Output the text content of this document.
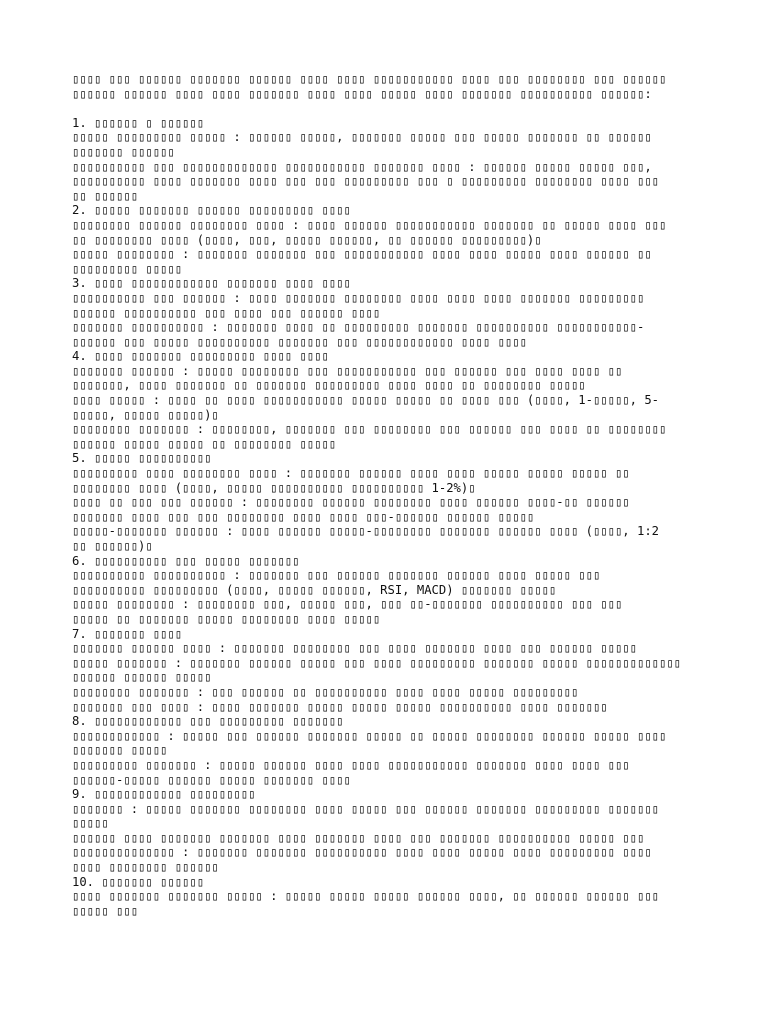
▯▯▯▯ ▯▯▯ ▯▯▯▯▯▯ ▯▯▯▯▯▯▯ ▯▯▯▯▯▯ ▯▯▯▯ ▯▯▯▯ ▯▯▯▯▯▯▯▯▯▯▯ ▯▯▯▯ ▯▯▯ ▯▯▯▯▯▯▯▯ ▯▯▯ ▯▯▯▯▯▯
▯▯▯▯▯▯ ▯▯▯▯▯▯ ▯▯▯▯ ▯▯▯▯ ▯▯▯▯▯▯▯ ▯▯▯▯ ▯▯▯▯ ▯▯▯▯▯ ▯▯▯▯ ▯▯▯▯▯▯▯ ▯▯▯▯▯▯▯▯▯▯ ▯▯▯▯▯▯:
1. ▯▯▯▯▯▯ ▯ ▯▯▯▯▯▯
▯▯▯▯▯ ▯▯▯▯▯▯▯▯▯ ▯▯▯▯▯ : ▯▯▯▯▯▯ ▯▯▯▯▯, ▯▯▯▯▯▯▯ ▯▯▯▯▯ ▯▯▯ ▯▯▯▯▯ ▯▯▯▯▯▯▯ ▯▯ ▯▯▯▯▯▯
▯▯▯▯▯▯▯ ▯▯▯▯▯▯
▯▯▯▯▯▯▯▯▯▯ ▯▯▯ ▯▯▯▯▯▯▯▯▯▯▯▯▯ ▯▯▯▯▯▯▯▯▯▯▯ ▯▯▯▯▯▯▯ ▯▯▯▯ : ▯▯▯▯▯▯ ▯▯▯▯▯ ▯▯▯▯▯ ▯▯▯,
▯▯▯▯▯▯▯▯▯▯ ▯▯▯▯ ▯▯▯▯▯▯▯ ▯▯▯▯ ▯▯▯ ▯▯▯ ▯▯▯▯▯▯▯▯▯ ▯▯▯ ▯ ▯▯▯▯▯▯▯▯▯ ▯▯▯▯▯▯▯▯ ▯▯▯▯ ▯▯▯
▯▯ ▯▯▯▯▯▯
2. ▯▯▯▯▯ ▯▯▯▯▯▯▯ ▯▯▯▯▯▯ ▯▯▯▯▯▯▯▯▯ ▯▯▯▯
▯▯▯▯▯▯▯▯ ▯▯▯▯▯▯ ▯▯▯▯▯▯▯▯ ▯▯▯▯ : ▯▯▯▯ ▯▯▯▯▯▯ ▯▯▯▯▯▯▯▯▯▯▯ ▯▯▯▯▯▯▯ ▯▯ ▯▯▯▯▯ ▯▯▯▯ ▯▯▯
▯▯ ▯▯▯▯▯▯▯▯ ▯▯▯▯ (▯▯▯▯, ▯▯▯, ▯▯▯▯▯ ▯▯▯▯▯▯, ▯▯ ▯▯▯▯▯▯ ▯▯▯▯▯▯▯▯▯)▯
▯▯▯▯▯ ▯▯▯▯▯▯▯▯ : ▯▯▯▯▯▯▯ ▯▯▯▯▯▯▯ ▯▯▯ ▯▯▯▯▯▯▯▯▯▯▯ ▯▯▯▯ ▯▯▯▯ ▯▯▯▯▯ ▯▯▯▯ ▯▯▯▯▯▯ ▯▯
▯▯▯▯▯▯▯▯▯ ▯▯▯▯▯
3. ▯▯▯▯ ▯▯▯▯▯▯▯▯▯▯▯▯ ▯▯▯▯▯▯▯ ▯▯▯▯ ▯▯▯▯
▯▯▯▯▯▯▯▯▯▯ ▯▯▯ ▯▯▯▯▯▯ : ▯▯▯▯ ▯▯▯▯▯▯▯ ▯▯▯▯▯▯▯▯ ▯▯▯▯ ▯▯▯▯ ▯▯▯▯ ▯▯▯▯▯▯▯ ▯▯▯▯▯▯▯▯▯
▯▯▯▯▯▯ ▯▯▯▯▯▯▯▯▯▯ ▯▯▯ ▯▯▯▯ ▯▯▯ ▯▯▯▯▯▯ ▯▯▯▯
▯▯▯▯▯▯▯ ▯▯▯▯▯▯▯▯▯▯ : ▯▯▯▯▯▯▯ ▯▯▯▯ ▯▯ ▯▯▯▯▯▯▯▯▯ ▯▯▯▯▯▯▯ ▯▯▯▯▯▯▯▯▯▯ ▯▯▯▯▯▯▯▯▯▯▯-
▯▯▯▯▯▯ ▯▯▯ ▯▯▯▯▯ ▯▯▯▯▯▯▯▯▯▯ ▯▯▯▯▯▯▯ ▯▯▯ ▯▯▯▯▯▯▯▯▯▯▯▯ ▯▯▯▯ ▯▯▯▯
4. ▯▯▯▯ ▯▯▯▯▯▯▯ ▯▯▯▯▯▯▯▯▯ ▯▯▯▯ ▯▯▯▯
▯▯▯▯▯▯▯ ▯▯▯▯▯▯ : ▯▯▯▯▯ ▯▯▯▯▯▯▯▯ ▯▯▯ ▯▯▯▯▯▯▯▯▯▯▯ ▯▯▯ ▯▯▯▯▯▯ ▯▯▯ ▯▯▯▯ ▯▯▯▯ ▯▯
▯▯▯▯▯▯▯, ▯▯▯▯ ▯▯▯▯▯▯▯ ▯▯ ▯▯▯▯▯▯▯ ▯▯▯▯▯▯▯▯▯ ▯▯▯▯ ▯▯▯▯ ▯▯ ▯▯▯▯▯▯▯▯ ▯▯▯▯▯
▯▯▯▯ ▯▯▯▯▯ : ▯▯▯▯ ▯▯ ▯▯▯▯ ▯▯▯▯▯▯▯▯▯▯▯ ▯▯▯▯▯ ▯▯▯▯▯ ▯▯ ▯▯▯▯ ▯▯▯ (▯▯▯▯, 1-▯▯▯▯▯, 5-
▯▯▯▯▯, ▯▯▯▯▯ ▯▯▯▯▯)▯
▯▯▯▯▯▯▯▯ ▯▯▯▯▯▯▯ : ▯▯▯▯▯▯▯▯, ▯▯▯▯▯▯▯ ▯▯▯ ▯▯▯▯▯▯▯▯ ▯▯▯ ▯▯▯▯▯▯ ▯▯▯ ▯▯▯▯ ▯▯ ▯▯▯▯▯▯▯▯
▯▯▯▯▯▯ ▯▯▯▯▯ ▯▯▯▯▯ ▯▯ ▯▯▯▯▯▯▯▯ ▯▯▯▯▯
5. ▯▯▯▯▯ ▯▯▯▯▯▯▯▯▯▯
▯▯▯▯▯▯▯▯▯ ▯▯▯▯ ▯▯▯▯▯▯▯▯ ▯▯▯▯ : ▯▯▯▯▯▯▯ ▯▯▯▯▯▯ ▯▯▯▯ ▯▯▯▯ ▯▯▯▯▯ ▯▯▯▯▯ ▯▯▯▯▯ ▯▯
▯▯▯▯▯▯▯▯ ▯▯▯▯ (▯▯▯▯, ▯▯▯▯▯ ▯▯▯▯▯▯▯▯▯▯ ▯▯▯▯▯▯▯▯▯▯ 1-2%)▯
▯▯▯▯ ▯▯ ▯▯▯ ▯▯▯ ▯▯▯▯▯▯ : ▯▯▯▯▯▯▯▯ ▯▯▯▯▯▯ ▯▯▯▯▯▯▯▯ ▯▯▯▯ ▯▯▯▯▯▯ ▯▯▯▯-▯▯ ▯▯▯▯▯▯
▯▯▯▯▯▯▯ ▯▯▯▯ ▯▯▯ ▯▯▯ ▯▯▯▯▯▯▯▯ ▯▯▯▯ ▯▯▯▯ ▯▯▯-▯▯▯▯▯▯ ▯▯▯▯▯▯ ▯▯▯▯▯
▯▯▯▯▯-▯▯▯▯▯▯▯ ▯▯▯▯▯▯ : ▯▯▯▯ ▯▯▯▯▯▯ ▯▯▯▯▯-▯▯▯▯▯▯▯▯ ▯▯▯▯▯▯▯ ▯▯▯▯▯▯ ▯▯▯▯ (▯▯▯▯, 1:2
▯▯ ▯▯▯▯▯▯)▯
6. ▯▯▯▯▯▯▯▯▯▯ ▯▯▯ ▯▯▯▯▯ ▯▯▯▯▯▯▯
▯▯▯▯▯▯▯▯▯▯ ▯▯▯▯▯▯▯▯▯▯ : ▯▯▯▯▯▯▯ ▯▯▯ ▯▯▯▯▯▯ ▯▯▯▯▯▯▯ ▯▯▯▯▯▯ ▯▯▯▯ ▯▯▯▯▯ ▯▯▯
▯▯▯▯▯▯▯▯▯▯ ▯▯▯▯▯▯▯▯▯ (▯▯▯▯, ▯▯▯▯▯ ▯▯▯▯▯▯, RSI, MACD) ▯▯▯▯▯▯▯ ▯▯▯▯▯
▯▯▯▯▯ ▯▯▯▯▯▯▯▯ : ▯▯▯▯▯▯▯▯ ▯▯▯, ▯▯▯▯▯ ▯▯▯, ▯▯▯ ▯▯-▯▯▯▯▯▯▯ ▯▯▯▯▯▯▯▯▯▯ ▯▯▯ ▯▯▯
▯▯▯▯▯ ▯▯ ▯▯▯▯▯▯▯ ▯▯▯▯▯ ▯▯▯▯▯▯▯▯ ▯▯▯▯ ▯▯▯▯▯
7. ▯▯▯▯▯▯▯ ▯▯▯▯
▯▯▯▯▯▯▯ ▯▯▯▯▯▯ ▯▯▯▯ : ▯▯▯▯▯▯▯ ▯▯▯▯▯▯▯▯ ▯▯▯ ▯▯▯▯ ▯▯▯▯▯▯▯ ▯▯▯▯ ▯▯▯ ▯▯▯▯▯▯ ▯▯▯▯▯
▯▯▯▯▯ ▯▯▯▯▯▯▯ : ▯▯▯▯▯▯▯ ▯▯▯▯▯▯ ▯▯▯▯▯ ▯▯▯ ▯▯▯▯ ▯▯▯▯▯▯▯▯▯ ▯▯▯▯▯▯▯ ▯▯▯▯▯ ▯▯▯▯▯▯▯▯▯▯▯▯▯
▯▯▯▯▯▯ ▯▯▯▯▯▯ ▯▯▯▯▯
▯▯▯▯▯▯▯▯ ▯▯▯▯▯▯▯ : ▯▯▯ ▯▯▯▯▯▯ ▯▯ ▯▯▯▯▯▯▯▯▯▯ ▯▯▯▯ ▯▯▯▯ ▯▯▯▯▯ ▯▯▯▯▯▯▯▯▯
▯▯▯▯▯▯▯ ▯▯▯ ▯▯▯▯ : ▯▯▯▯ ▯▯▯▯▯▯▯ ▯▯▯▯▯ ▯▯▯▯▯ ▯▯▯▯▯ ▯▯▯▯▯▯▯▯▯▯ ▯▯▯▯ ▯▯▯▯▯▯▯
8. ▯▯▯▯▯▯▯▯▯▯▯▯ ▯▯▯ ▯▯▯▯▯▯▯▯▯ ▯▯▯▯▯▯▯
▯▯▯▯▯▯▯▯▯▯▯▯ : ▯▯▯▯▯ ▯▯▯ ▯▯▯▯▯▯ ▯▯▯▯▯▯▯ ▯▯▯▯▯ ▯▯ ▯▯▯▯▯ ▯▯▯▯▯▯▯▯ ▯▯▯▯▯▯ ▯▯▯▯▯ ▯▯▯▯
▯▯▯▯▯▯▯ ▯▯▯▯▯
▯▯▯▯▯▯▯▯▯ ▯▯▯▯▯▯▯ : ▯▯▯▯▯ ▯▯▯▯▯▯ ▯▯▯▯ ▯▯▯▯ ▯▯▯▯▯▯▯▯▯▯▯ ▯▯▯▯▯▯▯ ▯▯▯▯ ▯▯▯▯ ▯▯▯
▯▯▯▯▯▯-▯▯▯▯▯ ▯▯▯▯▯▯ ▯▯▯▯▯ ▯▯▯▯▯▯▯ ▯▯▯▯
9. ▯▯▯▯▯▯▯▯▯▯▯▯ ▯▯▯▯▯▯▯▯▯
▯▯▯▯▯▯▯ : ▯▯▯▯▯ ▯▯▯▯▯▯▯ ▯▯▯▯▯▯▯▯ ▯▯▯▯ ▯▯▯▯▯ ▯▯▯ ▯▯▯▯▯▯ ▯▯▯▯▯▯▯ ▯▯▯▯▯▯▯▯▯ ▯▯▯▯▯▯▯
▯▯▯▯▯
▯▯▯▯▯▯ ▯▯▯▯ ▯▯▯▯▯▯▯ ▯▯▯▯▯▯▯ ▯▯▯▯ ▯▯▯▯▯▯▯ ▯▯▯▯ ▯▯▯ ▯▯▯▯▯▯▯ ▯▯▯▯▯▯▯▯▯▯ ▯▯▯▯▯ ▯▯▯
▯▯▯▯▯▯▯▯▯▯▯▯▯▯ : ▯▯▯▯▯▯▯ ▯▯▯▯▯▯▯ ▯▯▯▯▯▯▯▯▯▯ ▯▯▯▯ ▯▯▯▯ ▯▯▯▯▯ ▯▯▯▯ ▯▯▯▯▯▯▯▯▯ ▯▯▯▯
▯▯▯▯ ▯▯▯▯▯▯▯▯ ▯▯▯▯▯▯
10. ▯▯▯▯▯▯▯ ▯▯▯▯▯▯
▯▯▯▯ ▯▯▯▯▯▯▯ ▯▯▯▯▯▯▯ ▯▯▯▯▯ : ▯▯▯▯▯ ▯▯▯▯▯ ▯▯▯▯▯ ▯▯▯▯▯▯ ▯▯▯▯, ▯▯ ▯▯▯▯▯▯ ▯▯▯▯▯▯ ▯▯▯
▯▯▯▯▯ ▯▯▯
